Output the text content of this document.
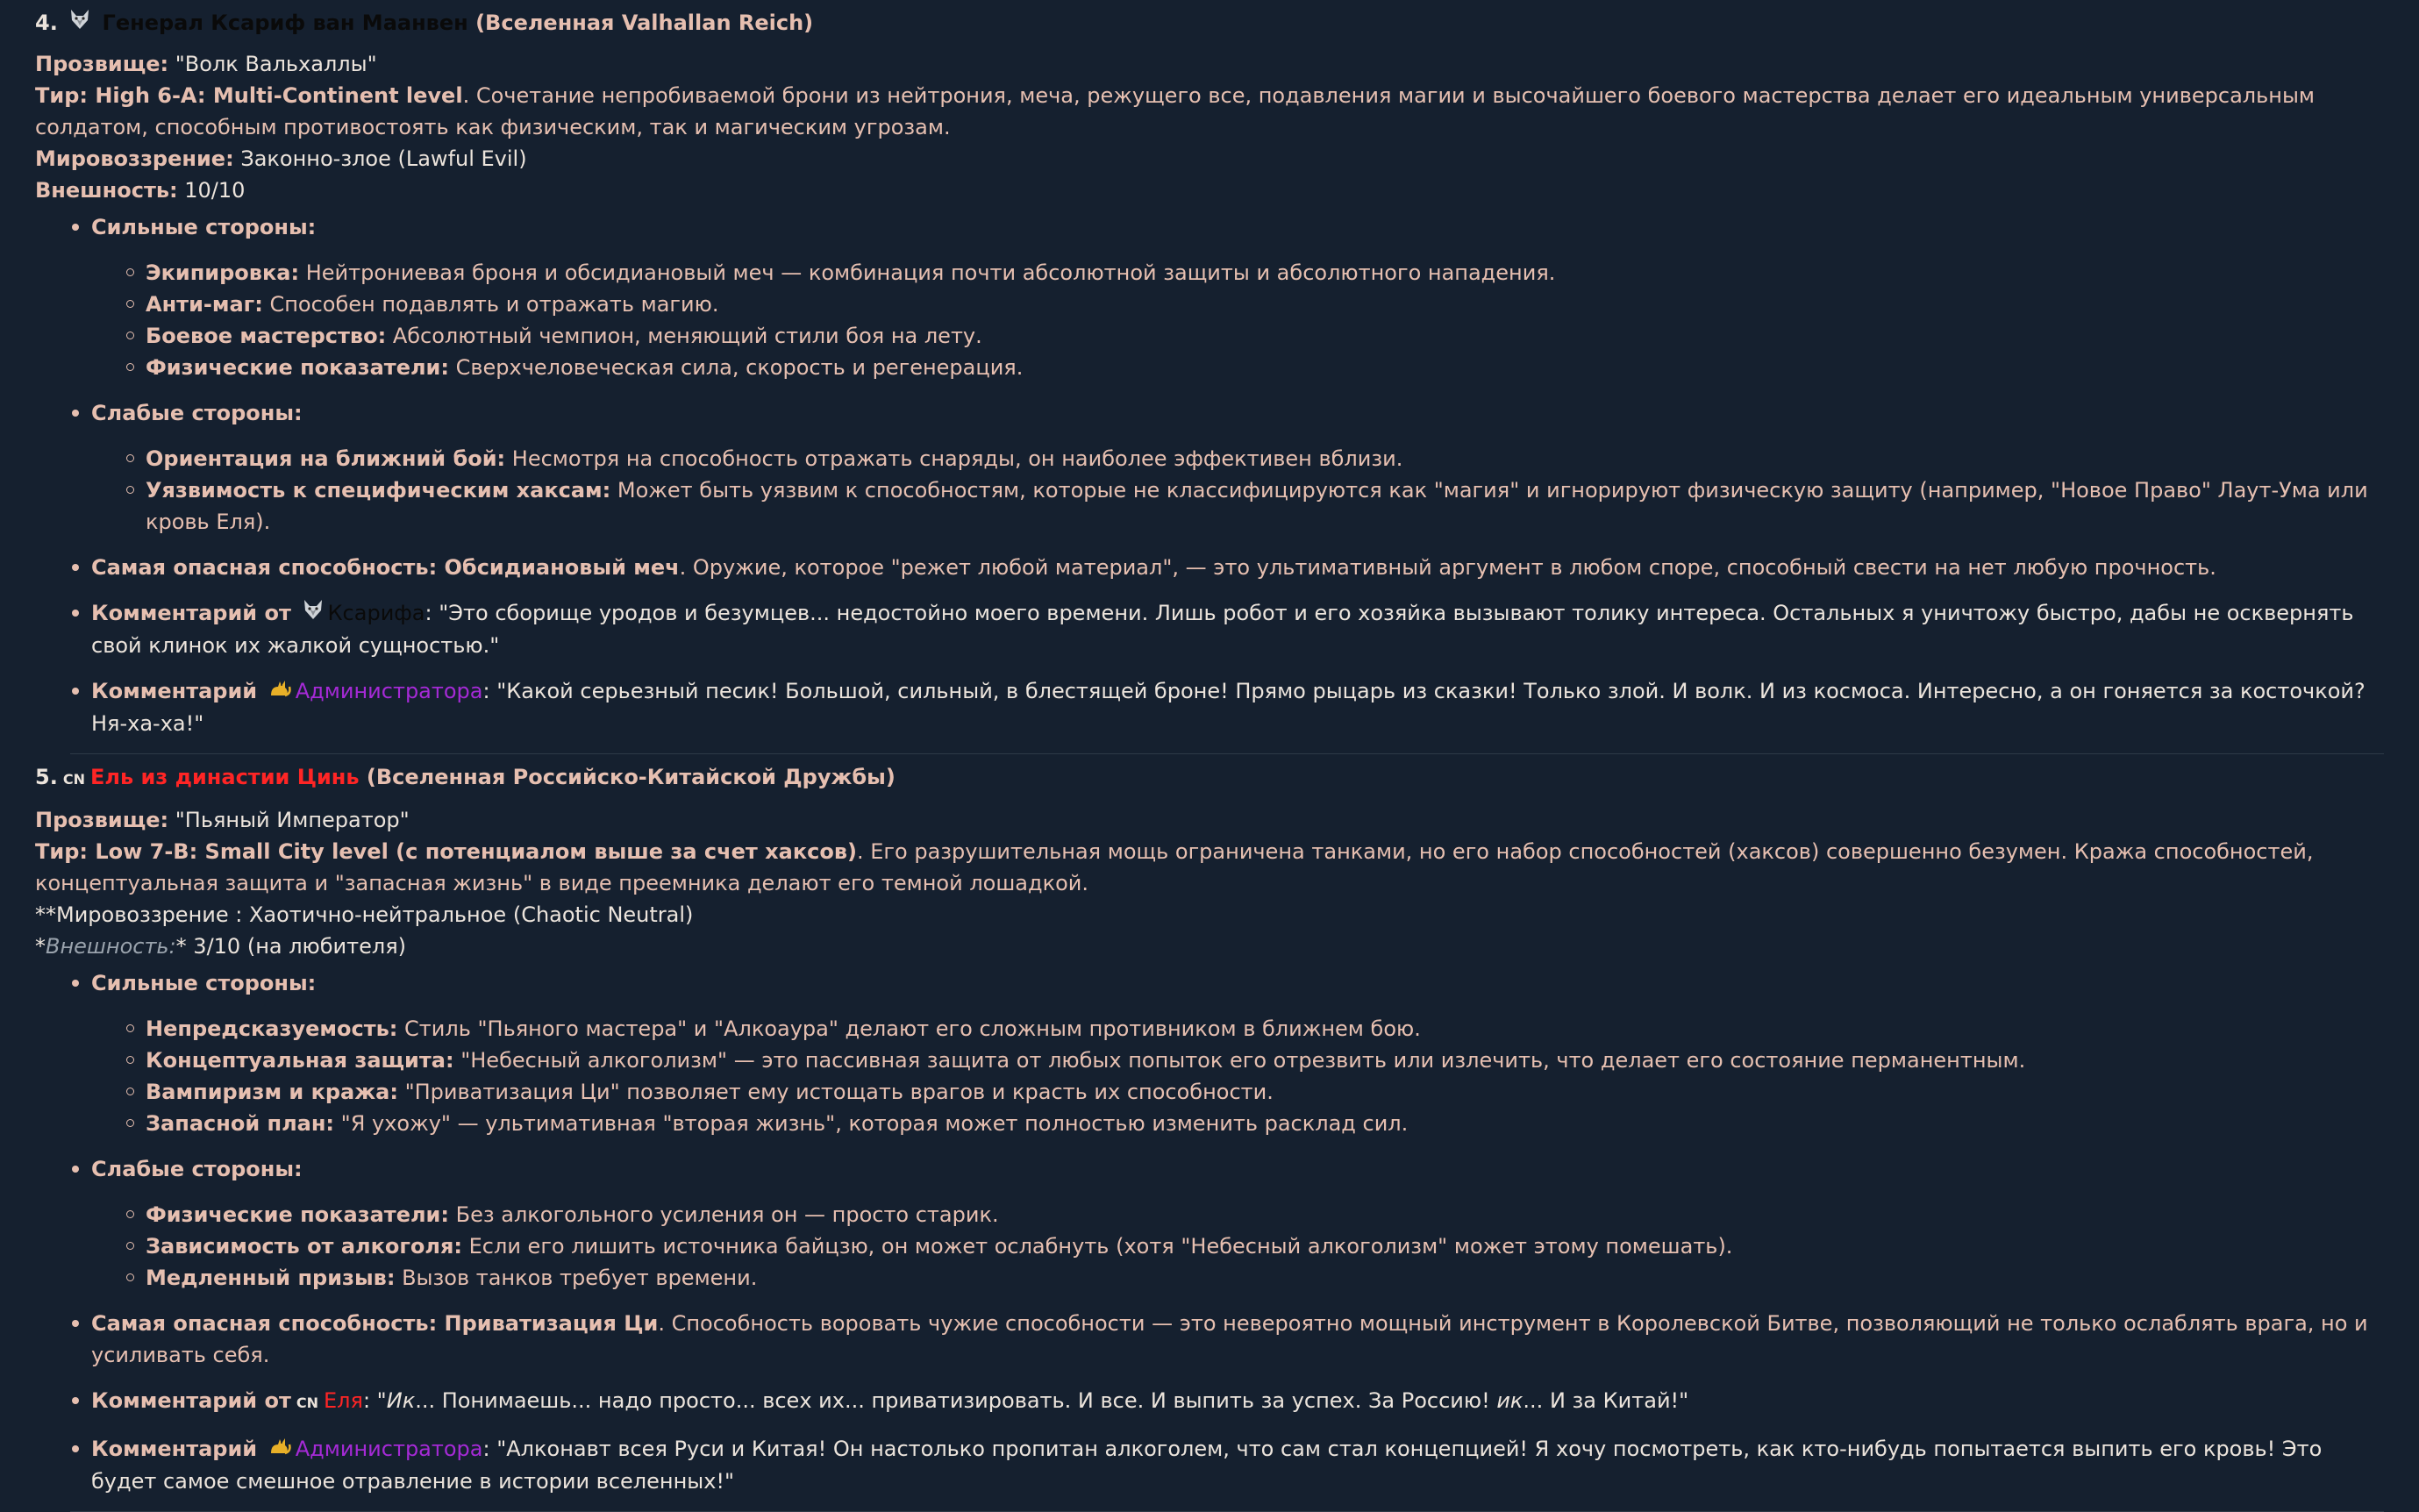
4. Генерал Ксариф ван Маанвен (Вселенная Valhallan Reich)

Прозвище: "Волк Вальхаллы"

Тир: High 6-A: Multi-Continent level. Сочетание непробиваемой брони из нейтрония, меча, режущего все, подавления магии и высочайшего боевого мастерства делает его идеальным универсальным солдатом, способным противостоять как физическим, так и магическим угрозам.

Мировоззрение: Законно-злое (Lawful Evil)

Внешность: 10/10

Сильные стороны:
Экипировка: Нейтрониевая броня и обсидиановый меч — комбинация почти абсолютной защиты и абсолютного нападения.
Анти-маг: Способен подавлять и отражать магию.
Боевое мастерство: Абсолютный чемпион, меняющий стили боя на лету.
Физические показатели: Сверхчеловеческая сила, скорость и регенерация.
Слабые стороны:
Ориентация на ближний бой: Несмотря на способность отражать снаряды, он наиболее эффективен вблизи.
Уязвимость к специфическим хаксам: Может быть уязвим к способностям, которые не классифицируются как "магия" и игнорируют физическую защиту (например, "Новое Право" Лаут-Ума или кровь Еля).
Самая опасная способность: Обсидиановый меч. Оружие, которое "режет любой материал", — это ультимативный аргумент в любом споре, способный свести на нет любую прочность.
Комментарий от Ксарифа: "Это сборище уродов и безумцев... недостойно моего времени. Лишь робот и его хозяйка вызывают толику интереса. Остальных я уничтожу быстро, дабы не осквернять свой клинок их жалкой сущностью."
Комментарий Администратора: "Какой серьезный песик! Большой, сильный, в блестящей броне! Прямо рыцарь из сказки! Только злой. И волк. И из космоса. Интересно, а он гоняется за косточкой? Ня-ха-ха!"

5. CN Ель из династии Цинь (Вселенная Российско-Китайской Дружбы)

Прозвище: "Пьяный Император"

Тир: Low 7-B: Small City level (с потенциалом выше за счет хаксов). Его разрушительная мощь ограничена танками, но его набор способностей (хаксов) совершенно безумен. Кража способностей, концептуальная защита и "запасная жизнь" в виде преемника делают его темной лошадкой.

**Мировоззрение : Хаотично-нейтральное (Chaotic Neutral)

*Внешность:* 3/10 (на любителя)

Сильные стороны:
Непредсказуемость: Стиль "Пьяного мастера" и "Алкоаура" делают его сложным противником в ближнем бою.
Концептуальная защита: "Небесный алкоголизм" — это пассивная защита от любых попыток его отрезвить или излечить, что делает его состояние перманентным.
Вампиризм и кража: "Приватизация Ци" позволяет ему истощать врагов и красть их способности.
Запасной план: "Я ухожу" — ультимативная "вторая жизнь", которая может полностью изменить расклад сил.
Слабые стороны:
Физические показатели: Без алкогольного усиления он — просто старик.
Зависимость от алкоголя: Если его лишить источника байцзю, он может ослабнуть (хотя "Небесный алкоголизм" может этому помешать).
Медленный призыв: Вызов танков требует времени.
Самая опасная способность: Приватизация Ци. Способность воровать чужие способности — это невероятно мощный инструмент в Королевской Битве, позволяющий не только ослаблять врага, но и усиливать себя.
Комментарий от CN Еля: "Ик... Понимаешь... надо просто... всех их... приватизировать. И все. И выпить за успех. За Россию! ик... И за Китай!"
Комментарий Администратора: "Алконавт всея Руси и Китая! Он настолько пропитан алкоголем, что сам стал концепцией! Я хочу посмотреть, как кто-нибудь попытается выпить его кровь! Это будет самое смешное отравление в истории вселенных!"
